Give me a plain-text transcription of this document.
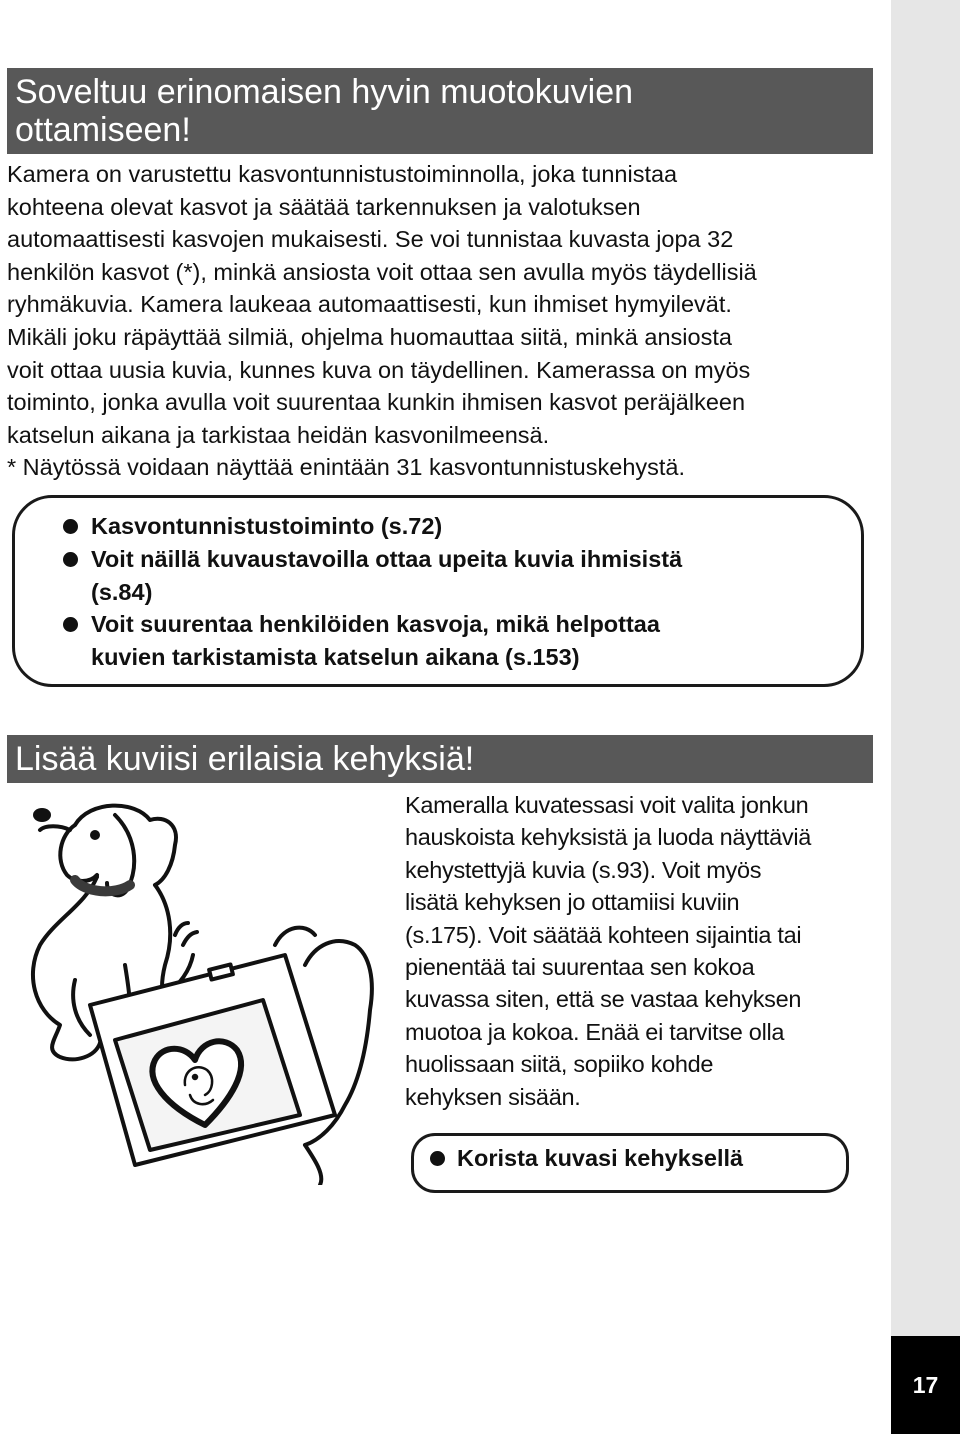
17
Soveltuu erinomaisen hyvin muotokuvien
ottamiseen!

Kamera on varustettu kasvontunnistustoiminnolla, joka tunnistaa

kohteena olevat kasvot ja säätää tarkennuksen ja valotuksen

automaattisesti kasvojen mukaisesti. Se voi tunnistaa kuvasta jopa 32

henkilön kasvot (*), minkä ansiosta voit ottaa sen avulla myös täydellisiä

ryhmäkuvia. Kamera laukeaa automaattisesti, kun ihmiset hymyilevät.

Mikäli joku räpäyttää silmiä, ohjelma huomauttaa siitä, minkä ansiosta

voit ottaa uusia kuvia, kunnes kuva on täydellinen. Kamerassa on myös

toiminto, jonka avulla voit suurentaa kunkin ihmisen kasvot peräjälkeen

katselun aikana ja tarkistaa heidän kasvonilmeensä.

* Näytössä voidaan näyttää enintään 31 kasvontunnistuskehystä.

Kasvontunnistustoiminto (s.72)
Voit näillä kuvaustavoilla ottaa upeita kuvia ihmisistä
(s.84)
Voit suurentaa henkilöiden kasvoja, mikä helpottaa
kuvien tarkistamista katselun aikana (s.153)
Lisää kuviisi erilaisia kehyksiä!
Kameralla kuvatessasi voit valita jonkun
hauskoista kehyksistä ja luoda näyttäviä
kehystettyjä kuvia (s.93). Voit myös
lisätä kehyksen jo ottamiisi kuviin
(s.175). Voit säätää kohteen sijaintia tai
pienentää tai suurentaa sen kokoa
kuvassa siten, että se vastaa kehyksen
muotoa ja kokoa. Enää ei tarvitse olla
huolissaan siitä, sopiiko kohde
kehyksen sisään.
Korista kuvasi kehyksellä
